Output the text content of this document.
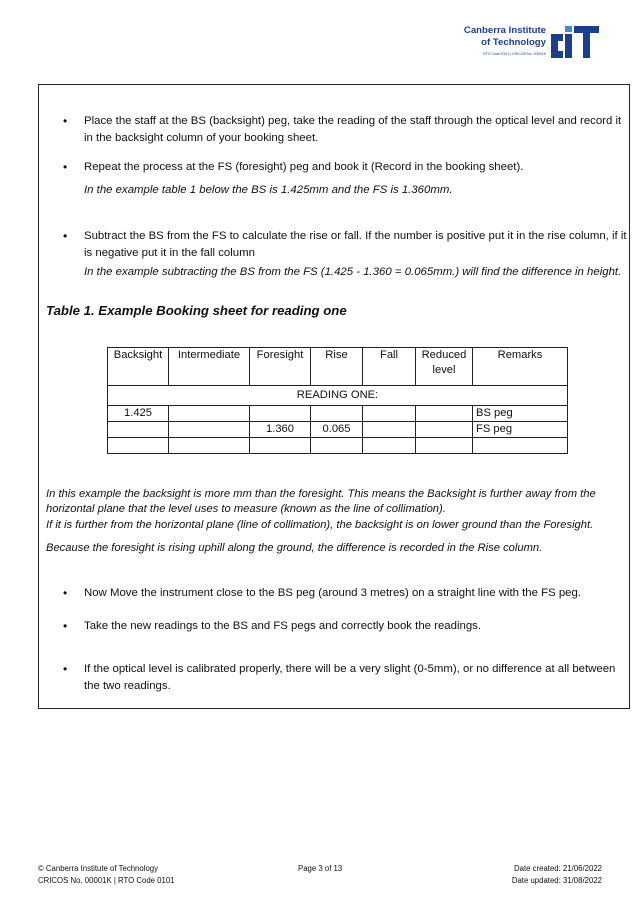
Canberra Institute
of Technology
RTO Code 0101 | CRICOS No. 00001K
• Place the staff at the BS (backsight) peg, take the reading of the staff through the optical level and record it in the backsight column of your booking sheet.
• Repeat the process at the FS (foresight) peg and book it (Record in the booking sheet).
In the example table 1 below the BS is 1.425mm and the FS is 1.360mm.
• Subtract the BS from the FS to calculate the rise or fall. If the number is positive put it in the rise column, if it is negative put it in the fall column
In the example subtracting the BS from the FS (1.425 - 1.360 = 0.065mm.) will find the difference in height.
Table 1. Example Booking sheet for reading one
Backsight	Intermediate	Foresight	Rise	Fall	Reduced level	Remarks
READING ONE:						
1.425						BS peg
		1.360	0.065			FS peg

In this example the backsight is more mm than the foresight. This means the Backsight is further away from the horizontal plane that the level uses to measure (known as the line of collimation).
If it is further from the horizontal plane (line of collimation), the backsight is on lower ground than the Foresight.
Because the foresight is rising uphill along the ground, the difference is recorded in the Rise column.
• Now Move the instrument close to the BS peg (around 3 metres) on a straight line with the FS peg.
• Take the new readings to the BS and FS pegs and correctly book the readings.
• If the optical level is calibrated properly, there will be a very slight (0-5mm), or no difference at all between the two readings.
© Canberra Institute of Technology
CRICOS No. 00001K | RTO Code 0101
Page 3 of 13	Date created: 21/06/2022
Date updated: 31/08/2022
